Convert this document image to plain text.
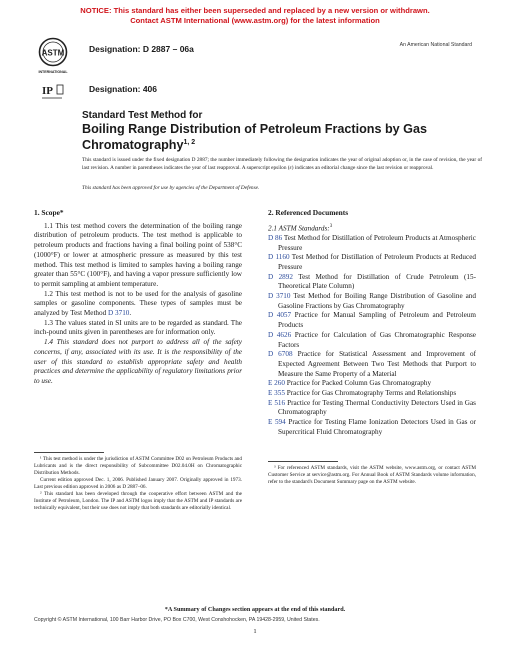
NOTICE: This standard has either been superseded and replaced by a new version or withdrawn.
Contact ASTM International (www.astm.org) for the latest information
ASTM
INTERNATIONAL
IP
Designation: D 2887 – 06a
Designation: 406
An American National Standard
Standard Test Method for
Boiling Range Distribution of Petroleum Fractions by Gas Chromatography$^{1, 2}$
This standard is issued under the fixed designation D 2887; the number immediately following the designation indicates the year of original adoption or, in the case of revision, the year of last revision. A number in parentheses indicates the year of last reapproval. A superscript epsilon (ε) indicates an editorial change since the last revision or reapproval.
This standard has been approved for use by agencies of the Department of Defense.
1. Scope*

1.1 This test method covers the determination of the boiling range distribution of petroleum products. The test method is applicable to petroleum products and fractions having a final boiling point of 538°C (1000°F) or lower at atmospheric pressure as measured by this test method. This test method is limited to samples having a boiling range greater than 55°C (100°F), and having a vapor pressure sufficiently low to permit sampling at ambient temperature.

1.2 This test method is not to be used for the analysis of gasoline samples or gasoline components. These types of samples must be analyzed by Test Method D 3710.

1.3 The values stated in SI units are to be regarded as standard. The inch-pound units given in parentheses are for information only.

1.4 This standard does not purport to address all of the safety concerns, if any, associated with its use. It is the responsibility of the user of this standard to establish appropriate safety and health practices and determine the applicability of regulatory limitations prior to use.

¹ This test method is under the jurisdiction of ASTM Committee D02 on Petroleum Products and Lubricants and is the direct responsibility of Subcommittee D02.04.0H on Chromatographic Distribution Methods.

Current edition approved Dec. 1, 2006. Published January 2007. Originally approved in 1973. Last previous edition approved in 2006 as D 2887–06.

² This standard has been developed through the cooperative effort between ASTM and the Institute of Petroleum, London. The IP and ASTM logos imply that the ASTM and IP standards are technically equivalent, but their use does not imply that both standards are editorially identical.

2. Referenced Documents

2.1 ASTM Standards:$^3$

D 86 Test Method for Distillation of Petroleum Products at Atmospheric Pressure

D 1160 Test Method for Distillation of Petroleum Products at Reduced Pressure

D 2892 Test Method for Distillation of Crude Petroleum (15-Theoretical Plate Column)

D 3710 Test Method for Boiling Range Distribution of Gasoline and Gasoline Fractions by Gas Chromatography

D 4057 Practice for Manual Sampling of Petroleum and Petroleum Products

D 4626 Practice for Calculation of Gas Chromatographic Response Factors

D 6708 Practice for Statistical Assessment and Improvement of Expected Agreement Between Two Test Methods that Purport to Measure the Same Property of a Material

E 260 Practice for Packed Column Gas Chromatography

E 355 Practice for Gas Chromatography Terms and Relationships

E 516 Practice for Testing Thermal Conductivity Detectors Used in Gas Chromatography

E 594 Practice for Testing Flame Ionization Detectors Used in Gas or Supercritical Fluid Chromatography

³ For referenced ASTM standards, visit the ASTM website, www.astm.org, or contact ASTM Customer Service at service@astm.org. For Annual Book of ASTM Standards volume information, refer to the standard's Document Summary page on the ASTM website.

*A Summary of Changes section appears at the end of this standard.
Copyright © ASTM International, 100 Barr Harbor Drive, PO Box C700, West Conshohocken, PA 19428-2959, United States.
1
